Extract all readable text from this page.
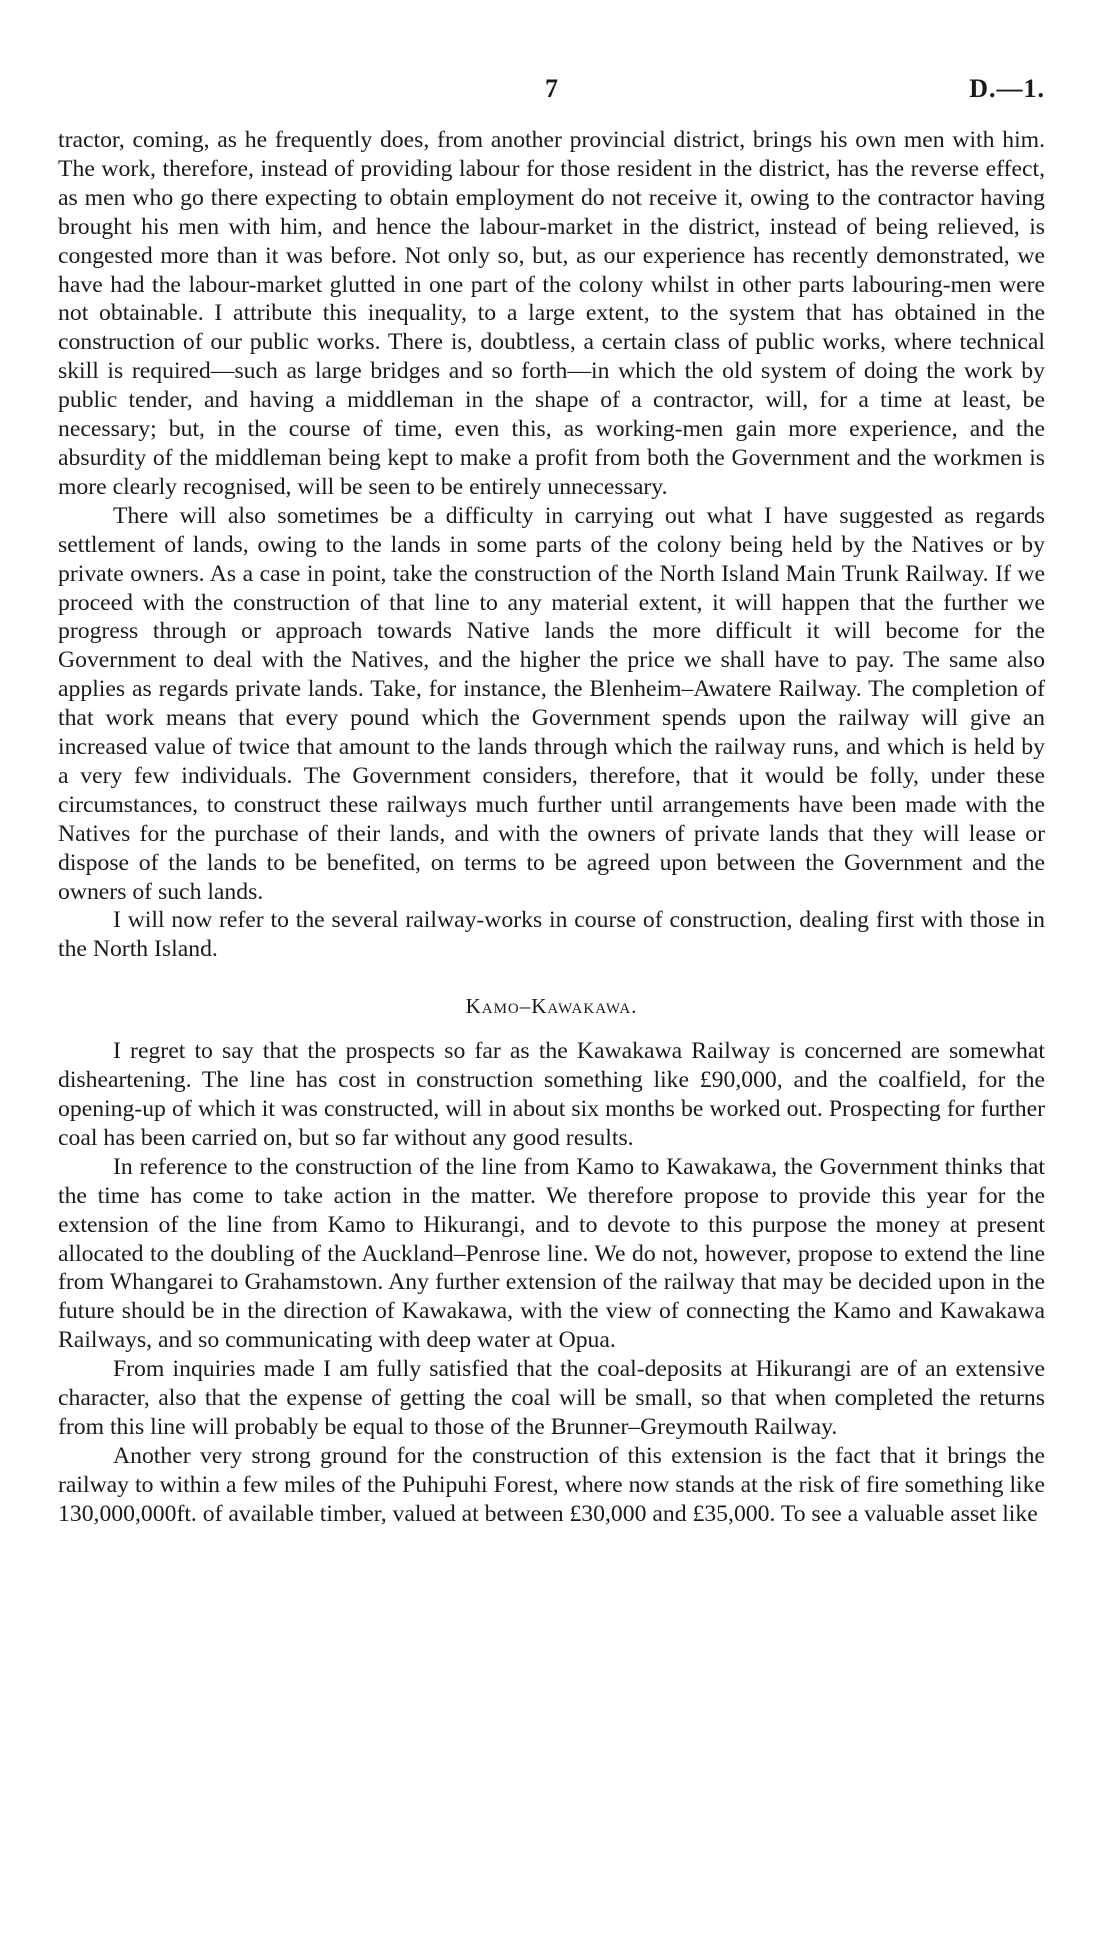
7	D.—1.

tractor, coming, as he frequently does, from another provincial district, brings his own men with him. The work, therefore, instead of providing labour for those resident in the district, has the reverse effect, as men who go there expecting to obtain employment do not receive it, owing to the contractor having brought his men with him, and hence the labour-market in the district, instead of being relieved, is congested more than it was before. Not only so, but, as our experience has recently demonstrated, we have had the labour-market glutted in one part of the colony whilst in other parts labouring-men were not obtainable. I attribute this inequality, to a large extent, to the system that has obtained in the construction of our public works. There is, doubtless, a certain class of public works, where technical skill is required—such as large bridges and so forth—in which the old system of doing the work by public tender, and having a middleman in the shape of a contractor, will, for a time at least, be necessary; but, in the course of time, even this, as working-men gain more experience, and the absurdity of the middleman being kept to make a profit from both the Government and the workmen is more clearly recognised, will be seen to be entirely unnecessary.

There will also sometimes be a difficulty in carrying out what I have suggested as regards settlement of lands, owing to the lands in some parts of the colony being held by the Natives or by private owners. As a case in point, take the construction of the North Island Main Trunk Railway. If we proceed with the construction of that line to any material extent, it will happen that the further we progress through or approach towards Native lands the more difficult it will become for the Government to deal with the Natives, and the higher the price we shall have to pay. The same also applies as regards private lands. Take, for instance, the Blenheim–Awatere Railway. The completion of that work means that every pound which the Government spends upon the railway will give an increased value of twice that amount to the lands through which the railway runs, and which is held by a very few individuals. The Government considers, therefore, that it would be folly, under these circumstances, to construct these railways much further until arrangements have been made with the Natives for the purchase of their lands, and with the owners of private lands that they will lease or dispose of the lands to be benefited, on terms to be agreed upon between the Government and the owners of such lands.

I will now refer to the several railway-works in course of construction, dealing first with those in the North Island.

Kamo–Kawakawa.

I regret to say that the prospects so far as the Kawakawa Railway is concerned are somewhat disheartening. The line has cost in construction something like £90,000, and the coalfield, for the opening-up of which it was constructed, will in about six months be worked out. Prospecting for further coal has been carried on, but so far without any good results.

In reference to the construction of the line from Kamo to Kawakawa, the Government thinks that the time has come to take action in the matter. We therefore propose to provide this year for the extension of the line from Kamo to Hikurangi, and to devote to this purpose the money at present allocated to the doubling of the Auckland–Penrose line. We do not, however, propose to extend the line from Whangarei to Grahamstown. Any further extension of the railway that may be decided upon in the future should be in the direction of Kawakawa, with the view of connecting the Kamo and Kawakawa Railways, and so communicating with deep water at Opua.

From inquiries made I am fully satisfied that the coal-deposits at Hikurangi are of an extensive character, also that the expense of getting the coal will be small, so that when completed the returns from this line will probably be equal to those of the Brunner–Greymouth Railway.

Another very strong ground for the construction of this extension is the fact that it brings the railway to within a few miles of the Puhipuhi Forest, where now stands at the risk of fire something like 130,000,000ft. of available timber, valued at between £30,000 and £35,000. To see a valuable asset like
